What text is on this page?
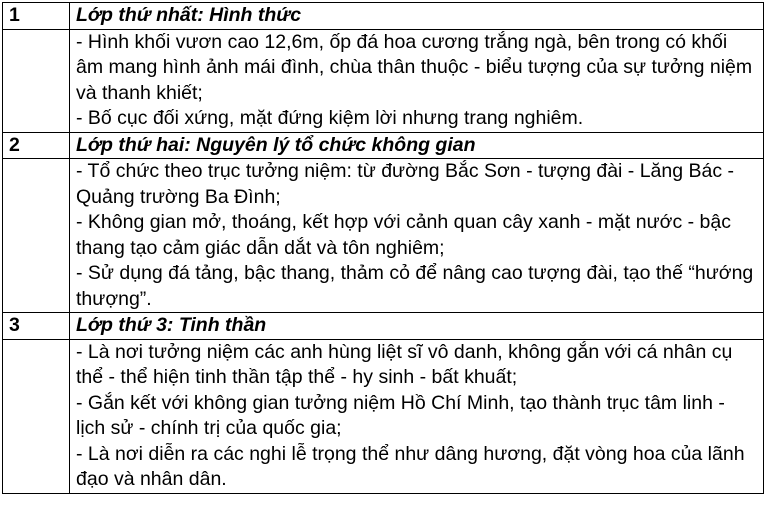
1	Lớp thứ nhất: Hình thức

	- Hình khối vươn cao 12,6m, ốp đá hoa cương trắng ngà, bên trong có khối âm mang hình ảnh mái đình, chùa thân thuộc - biểu tượng của sự tưởng niệm và thanh khiết;
- Bố cục đối xứng, mặt đứng kiệm lời nhưng trang nghiêm.

2	Lớp thứ hai: Nguyên lý tổ chức không gian

	- Tổ chức theo trục tưởng niệm: từ đường Bắc Sơn - tượng đài - Lăng Bác - Quảng trường Ba Đình;
- Không gian mở, thoáng, kết hợp với cảnh quan cây xanh - mặt nước - bậc thang tạo cảm giác dẫn dắt và tôn nghiêm;
- Sử dụng đá tảng, bậc thang, thảm cỏ để nâng cao tượng đài, tạo thế “hướng thượng”.

3	Lớp thứ 3: Tinh thần

	- Là nơi tưởng niệm các anh hùng liệt sĩ vô danh, không gắn với cá nhân cụ thể - thể hiện tinh thần tập thể - hy sinh - bất khuất;
- Gắn kết với không gian tưởng niệm Hồ Chí Minh, tạo thành trục tâm linh - lịch sử - chính trị của quốc gia;
- Là nơi diễn ra các nghi lễ trọng thể như dâng hương, đặt vòng hoa của lãnh đạo và nhân dân.
